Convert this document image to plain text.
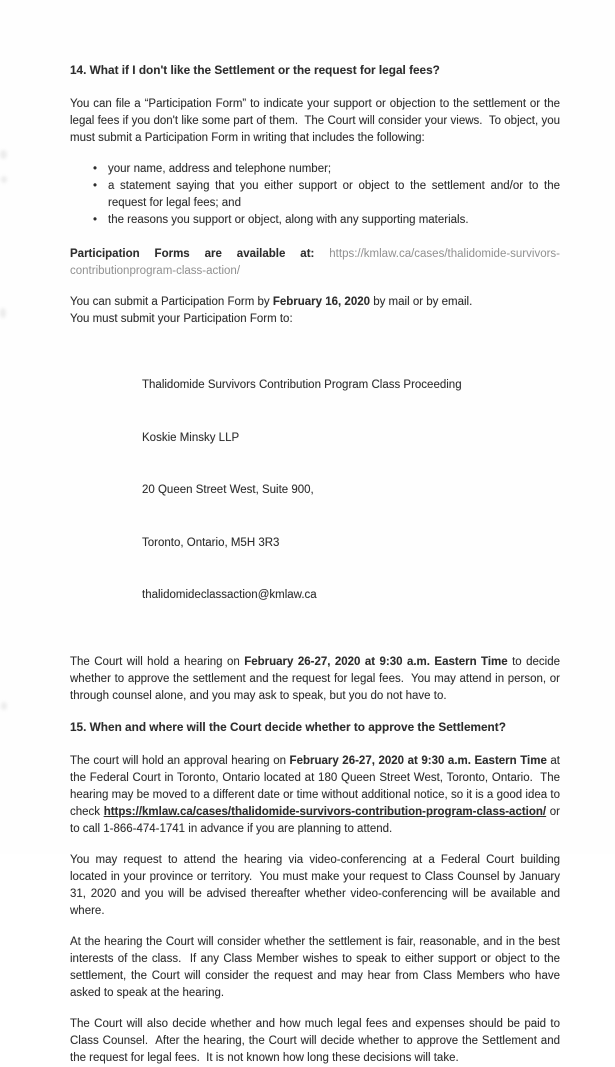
14. What if I don't like the Settlement or the request for legal fees?

You can file a “Participation Form” to indicate your support or objection to the settlement or the legal fees if you don't like some part of them.  The Court will consider your views.  To object, you must submit a Participation Form in writing that includes the following:

• your name, address and telephone number;
• a statement saying that you either support or object to the settlement and/or to the request for legal fees; and
• the reasons you support or object, along with any supporting materials.

Participation Forms are available at: https://kmlaw.ca/cases/thalidomide-survivors-contributionprogram-class-action/

You can submit a Participation Form by February 16, 2020 by mail or by email.
You must submit your Participation Form to:

Thalidomide Survivors Contribution Program Class Proceeding

Koskie Minsky LLP

20 Queen Street West, Suite 900,

Toronto, Ontario, M5H 3R3

thalidomideclassaction@kmlaw.ca

The Court will hold a hearing on February 26-27, 2020 at 9:30 a.m. Eastern Time to decide whether to approve the settlement and the request for legal fees.  You may attend in person, or through counsel alone, and you may ask to speak, but you do not have to.

15. When and where will the Court decide whether to approve the Settlement?

The court will hold an approval hearing on February 26-27, 2020 at 9:30 a.m. Eastern Time at the Federal Court in Toronto, Ontario located at 180 Queen Street West, Toronto, Ontario.  The hearing may be moved to a different date or time without additional notice, so it is a good idea to check https://kmlaw.ca/cases/thalidomide-survivors-contribution-program-class-action/ or to call 1-866-474-1741 in advance if you are planning to attend.

You may request to attend the hearing via video-conferencing at a Federal Court building located in your province or territory.  You must make your request to Class Counsel by January 31, 2020 and you will be advised thereafter whether video-conferencing will be available and where.

At the hearing the Court will consider whether the settlement is fair, reasonable, and in the best interests of the class.  If any Class Member wishes to speak to either support or object to the settlement, the Court will consider the request and may hear from Class Members who have asked to speak at the hearing.

The Court will also decide whether and how much legal fees and expenses should be paid to Class Counsel.  After the hearing, the Court will decide whether to approve the Settlement and the request for legal fees.  It is not known how long these decisions will take.
